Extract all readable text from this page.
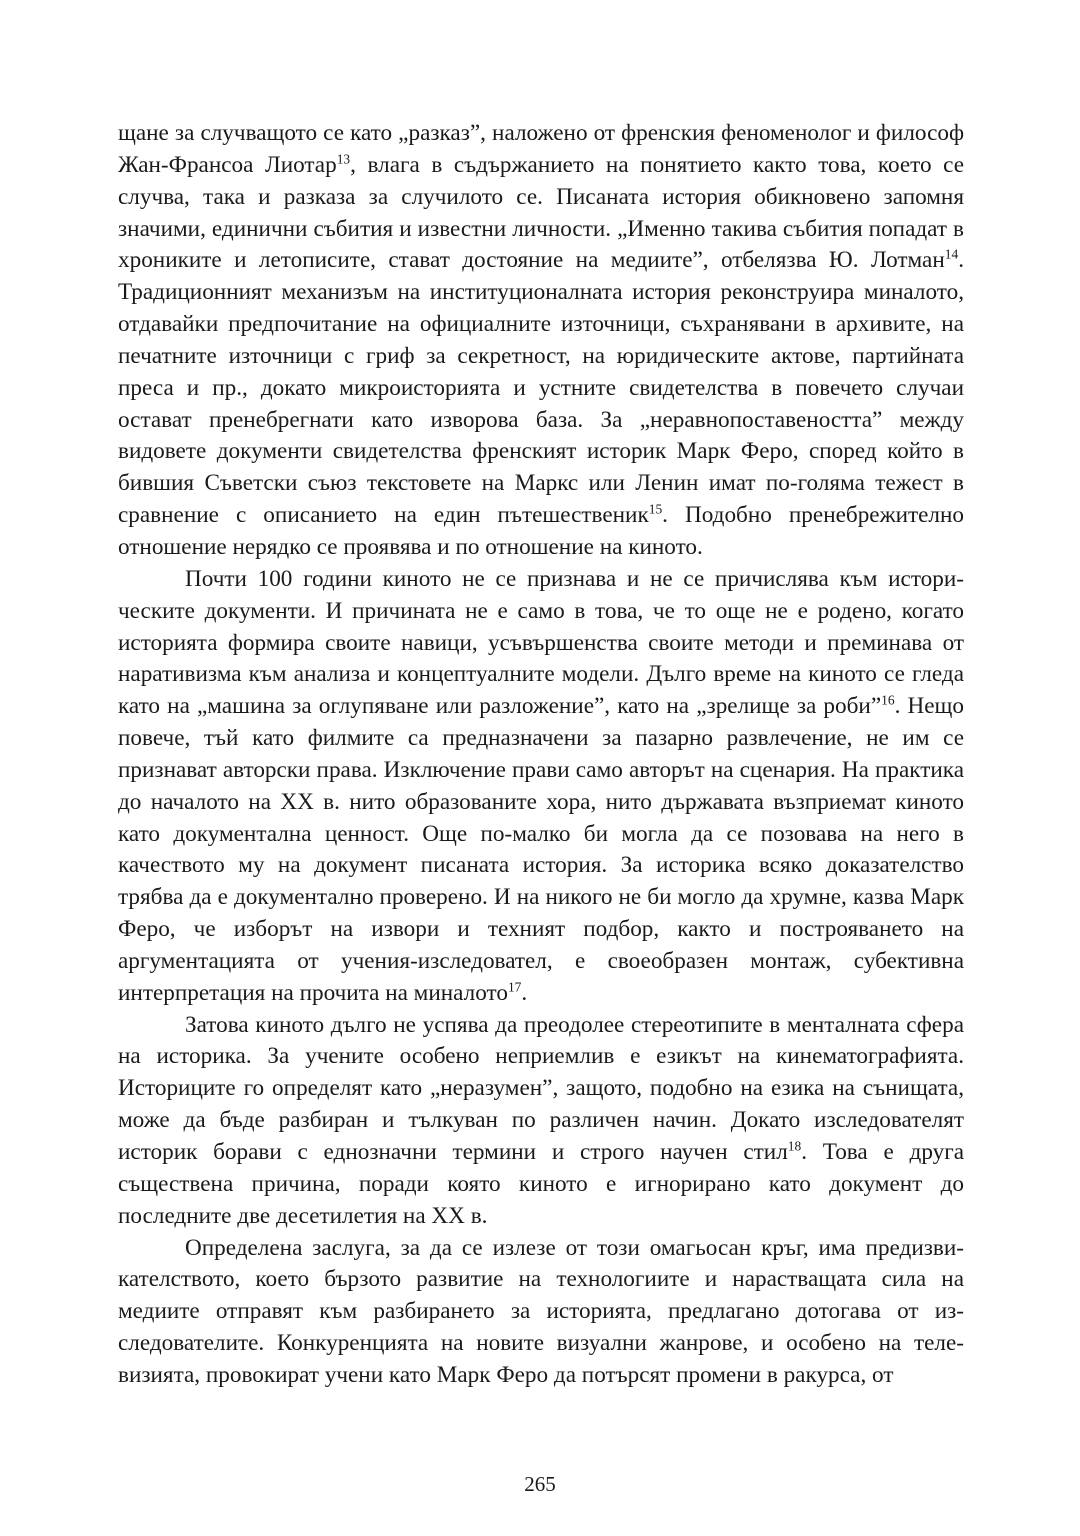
щане за случващото се като „разказ”, наложено от френския феноменолог и философ Жан-Франсоа Лиотар$^{13}$, влага в съдържанието на понятието както това, което се случва, така и разказа за случилото се. Писаната история обикновено запомня значими, единични събития и известни личности. „Именно такива събития попадат в хрониките и летописите, стават достояние на медиите”, отбелязва Ю. Лотман$^{14}$. Традиционният механизъм на институционалната история реконструира миналото, отдавайки предпочитание на официалните източници, съхранявани в архивите, на печатните източници с гриф за секретност, на юридическите актове, партийната преса и пр., докато микроисторията и устните свидетелства в повечето случаи остават пренебрегнати като изворова база. За „неравнопоставеността” между видовете документи свидетелства френският историк Марк Феро, според който в бившия Съветски съюз текстовете на Маркс или Ленин имат по-голяма тежест в сравнение с описанието на един пътешественик$^{15}$. Подобно пренебрежително отношение нерядко се проявява и по отношение на киното.

Почти 100 години киното не се признава и не се причислява към историческите документи. И причината не е само в това, че то още не е родено, когато историята формира своите навици, усъвършенства своите методи и преминава от наративизма към анализа и концептуалните модели. Дълго време на киното се гледа като на „машина за оглупяване или разложение”, като на „зрелище за роби”$^{16}$. Нещо повече, тъй като филмите са предназначени за пазарно развлечение, не им се признават авторски права. Изключение прави само авторът на сценария. На практика до началото на ХХ в. нито образованите хора, нито държавата възприемат киното като документална ценност. Още по-малко би могла да се позовава на него в качеството му на документ писаната история. За историка всяко доказателство трябва да е документално проверено. И на никого не би могло да хрумне, казва Марк Феро, че изборът на извори и техният подбор, както и построяването на аргументацията от учения-изследовател, е своеобразен монтаж, субективна интерпретация на прочита на миналото$^{17}$.

Затова киното дълго не успява да преодолее стереотипите в менталната сфера на историка. За учените особено неприемлив е езикът на кинематографията. Историците го определят като „неразумен”, защото, подобно на езика на сънищата, може да бъде разбиран и тълкуван по различен начин. Докато изследователят историк борави с еднозначни термини и строго научен стил$^{18}$. Това е друга съществена причина, поради която киното е игнорирано като документ до последните две десетилетия на ХХ в.

Определена заслуга, за да се излезе от този омагьосан кръг, има предизвикателството, което бързото развитие на технологиите и нарастващата сила на медиите отправят към разбирането за историята, предлагано дотогава от изследователите. Конкуренцията на новите визуални жанрове, и особено на телевизията, провокират учени като Марк Феро да потърсят промени в ракурса, от

265
